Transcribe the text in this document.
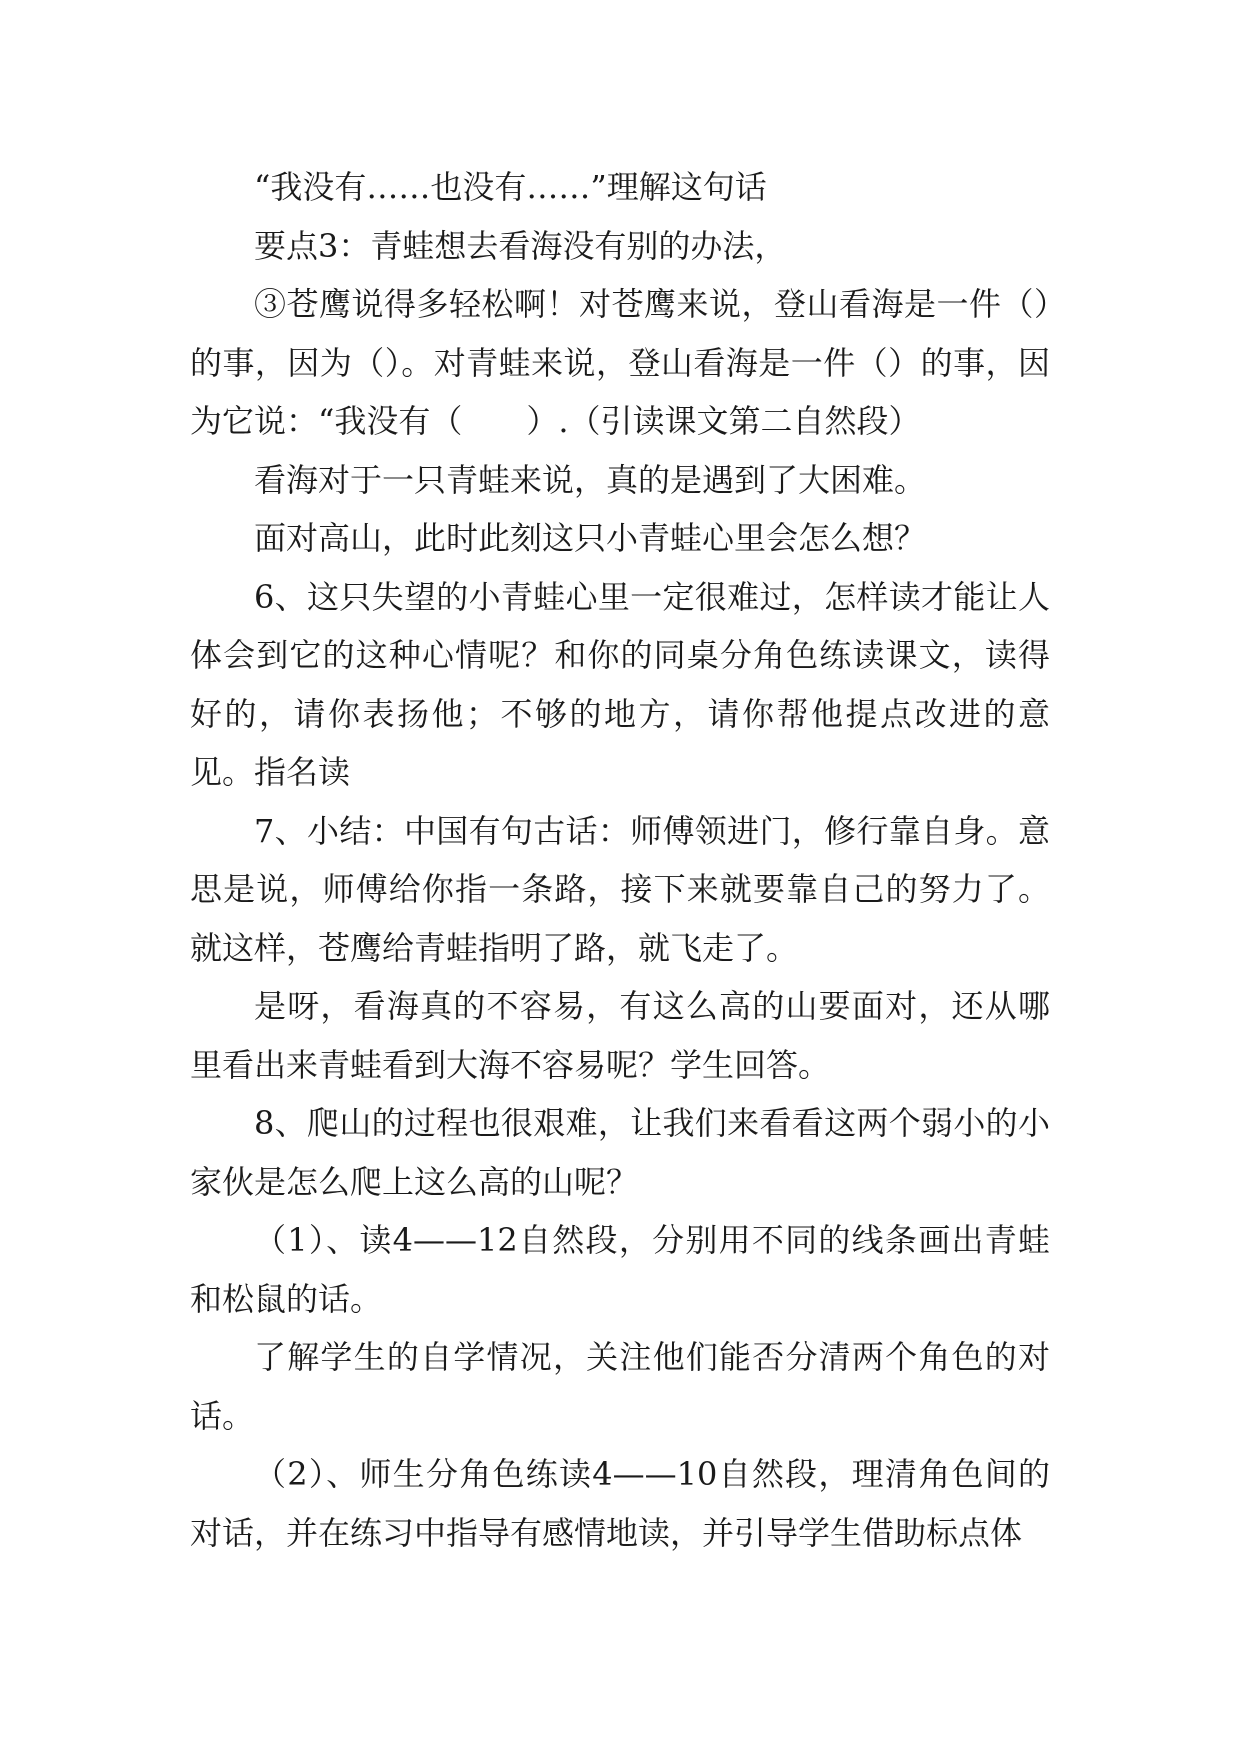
“我没有……也没有……”理解这句话

要点3：青蛙想去看海没有别的办法，

③苍鹰说得多轻松啊！对苍鹰来说，登山看海是一件（）的事，因为（）。对青蛙来说，登山看海是一件（）的事，因为它说：“我没有（　　）.（引读课文第二自然段）

看海对于一只青蛙来说，真的是遇到了大困难。

面对高山，此时此刻这只小青蛙心里会怎么想？

6、这只失望的小青蛙心里一定很难过，怎样读才能让人体会到它的这种心情呢？和你的同桌分角色练读课文，读得好的，请你表扬他；不够的地方，请你帮他提点改进的意见。指名读

7、小结：中国有句古话：师傅领进门，修行靠自身。意思是说，师傅给你指一条路，接下来就要靠自己的努力了。就这样，苍鹰给青蛙指明了路，就飞走了。

是呀，看海真的不容易，有这么高的山要面对，还从哪里看出来青蛙看到大海不容易呢？学生回答。

8、爬山的过程也很艰难，让我们来看看这两个弱小的小家伙是怎么爬上这么高的山呢？

（1）、读4——12自然段，分别用不同的线条画出青蛙和松鼠的话。

了解学生的自学情况，关注他们能否分清两个角色的对话。

（2）、师生分角色练读4——10自然段，理清角色间的对话，并在练习中指导有感情地读，并引导学生借助标点体
